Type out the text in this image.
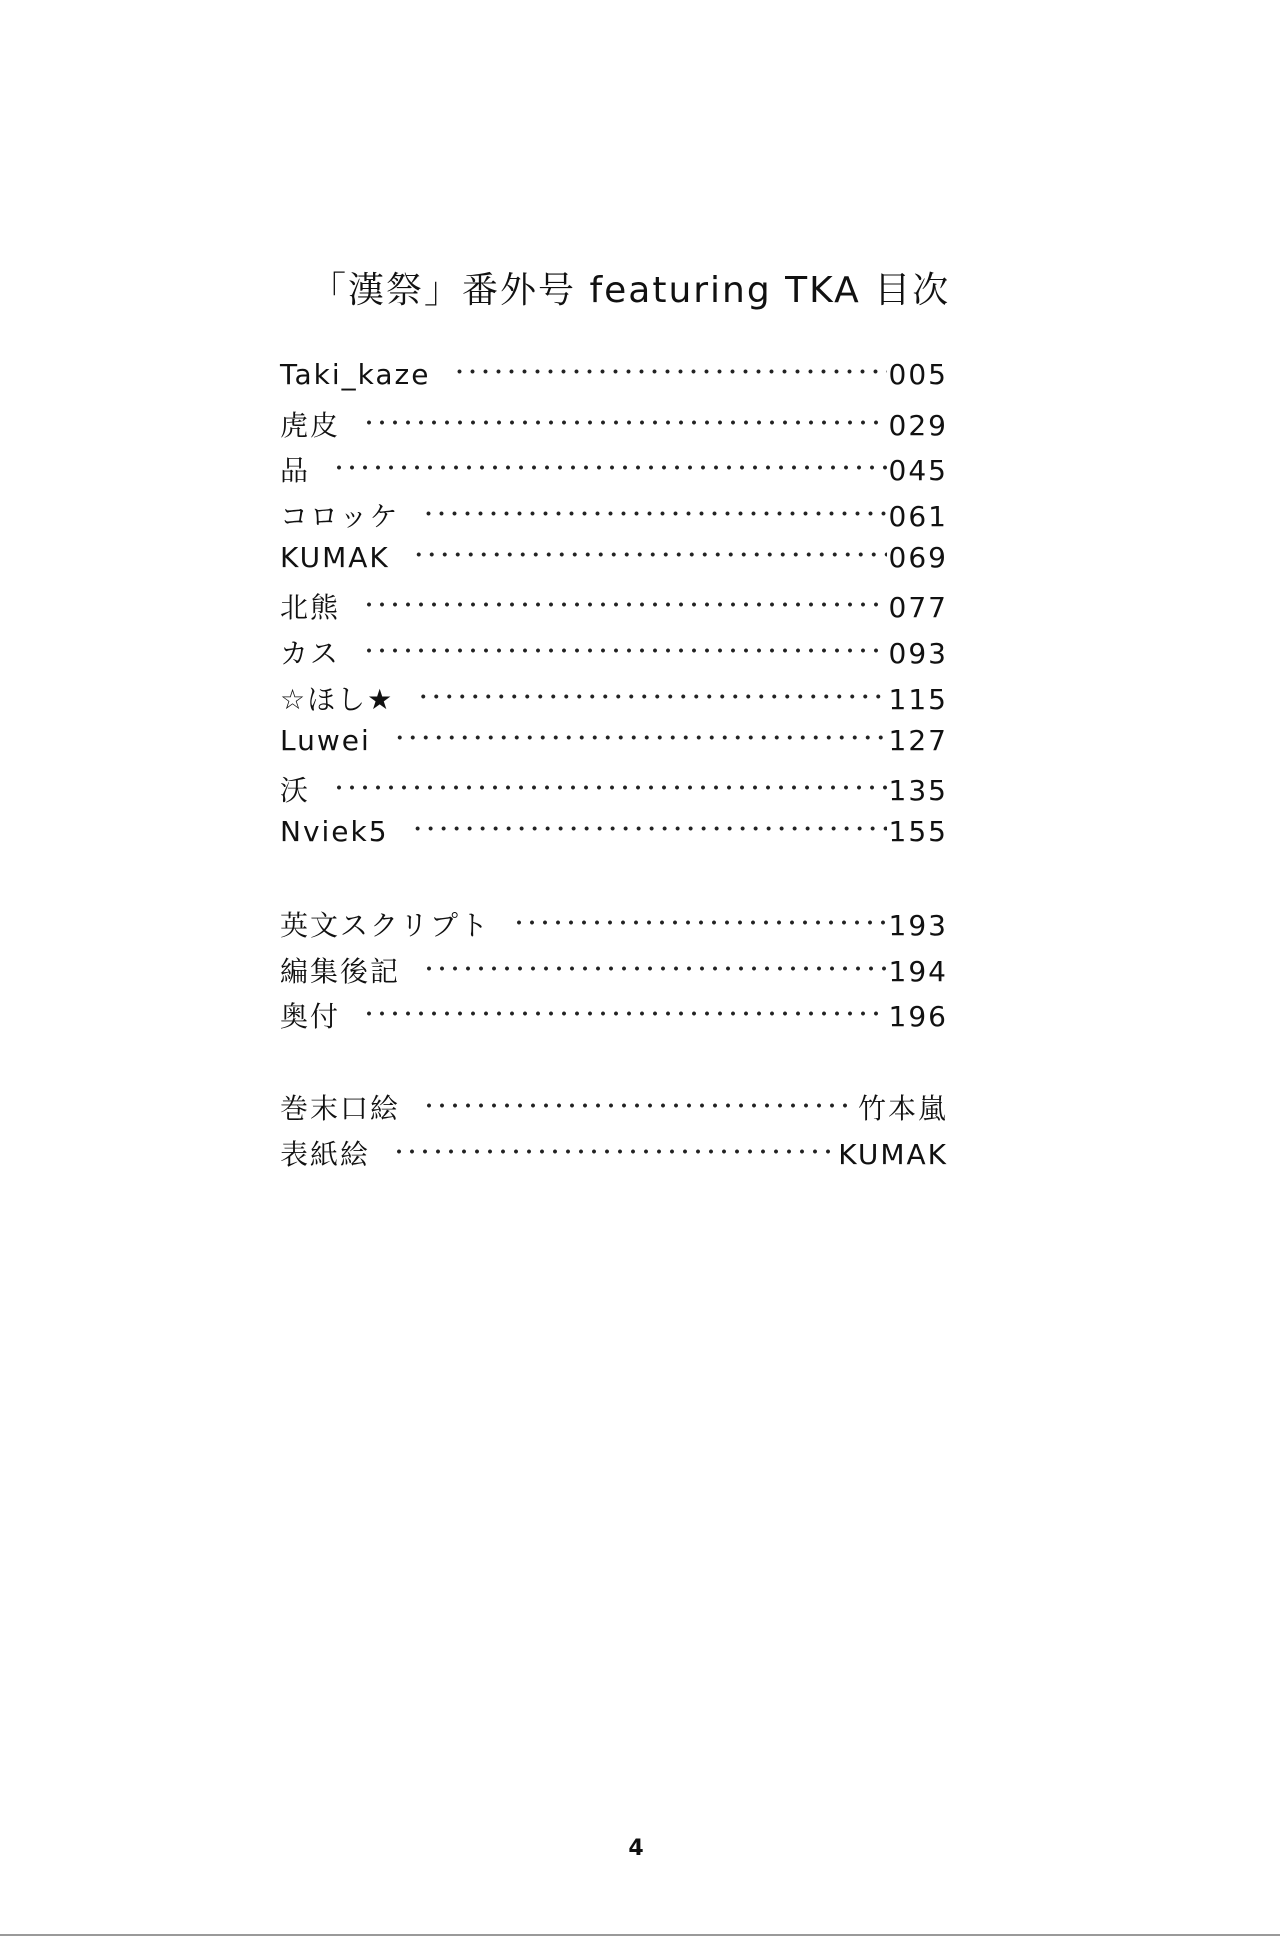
「漢祭」番外号 featuring TKA 目次
Taki_kaze ・・・・・・・・・・・・・・・・・・・・・・・・・・・・・・・・・・・・・・・・・・・・・・・・・・・・・・・・・・・・・・・・	005
虎皮 ・・・・・・・・・・・・・・・・・・・・・・・・・・・・・・・・・・・・・・・・・・・・・・・・・・・・・・・・・・・・・・・・	029
品 ・・・・・・・・・・・・・・・・・・・・・・・・・・・・・・・・・・・・・・・・・・・・・・・・・・・・・・・・・・・・・・・・	045
コロッケ ・・・・・・・・・・・・・・・・・・・・・・・・・・・・・・・・・・・・・・・・・・・・・・・・・・・・・・・・・・・・・・・・	061
KUMAK ・・・・・・・・・・・・・・・・・・・・・・・・・・・・・・・・・・・・・・・・・・・・・・・・・・・・・・・・・・・・・・・・	069
北熊 ・・・・・・・・・・・・・・・・・・・・・・・・・・・・・・・・・・・・・・・・・・・・・・・・・・・・・・・・・・・・・・・・	077
カス ・・・・・・・・・・・・・・・・・・・・・・・・・・・・・・・・・・・・・・・・・・・・・・・・・・・・・・・・・・・・・・・・	093
☆ほし★ ・・・・・・・・・・・・・・・・・・・・・・・・・・・・・・・・・・・・・・・・・・・・・・・・・・・・・・・・・・・・・・・・	115
Luwei ・・・・・・・・・・・・・・・・・・・・・・・・・・・・・・・・・・・・・・・・・・・・・・・・・・・・・・・・・・・・・・・・	127
沃 ・・・・・・・・・・・・・・・・・・・・・・・・・・・・・・・・・・・・・・・・・・・・・・・・・・・・・・・・・・・・・・・・	135
Nviek5 ・・・・・・・・・・・・・・・・・・・・・・・・・・・・・・・・・・・・・・・・・・・・・・・・・・・・・・・・・・・・・・・・	155
英文スクリプト ・・・・・・・・・・・・・・・・・・・・・・・・・・・・・・・・・・・・・・・・・・・・・・・・・・・・・・・・・・・・・・・・	193
編集後記 ・・・・・・・・・・・・・・・・・・・・・・・・・・・・・・・・・・・・・・・・・・・・・・・・・・・・・・・・・・・・・・・・	194
奥付 ・・・・・・・・・・・・・・・・・・・・・・・・・・・・・・・・・・・・・・・・・・・・・・・・・・・・・・・・・・・・・・・・	196
巻末口絵 ・・・・・・・・・・・・・・・・・・・・・・・・・・・・・・・・・・・・・・・・・・・・・・・・・・・・・・・・・・・・・・・・	竹本嵐
表紙絵 ・・・・・・・・・・・・・・・・・・・・・・・・・・・・・・・・・・・・・・・・・・・・・・・・・・・・・・・・・・・・・・・・	KUMAK
4
